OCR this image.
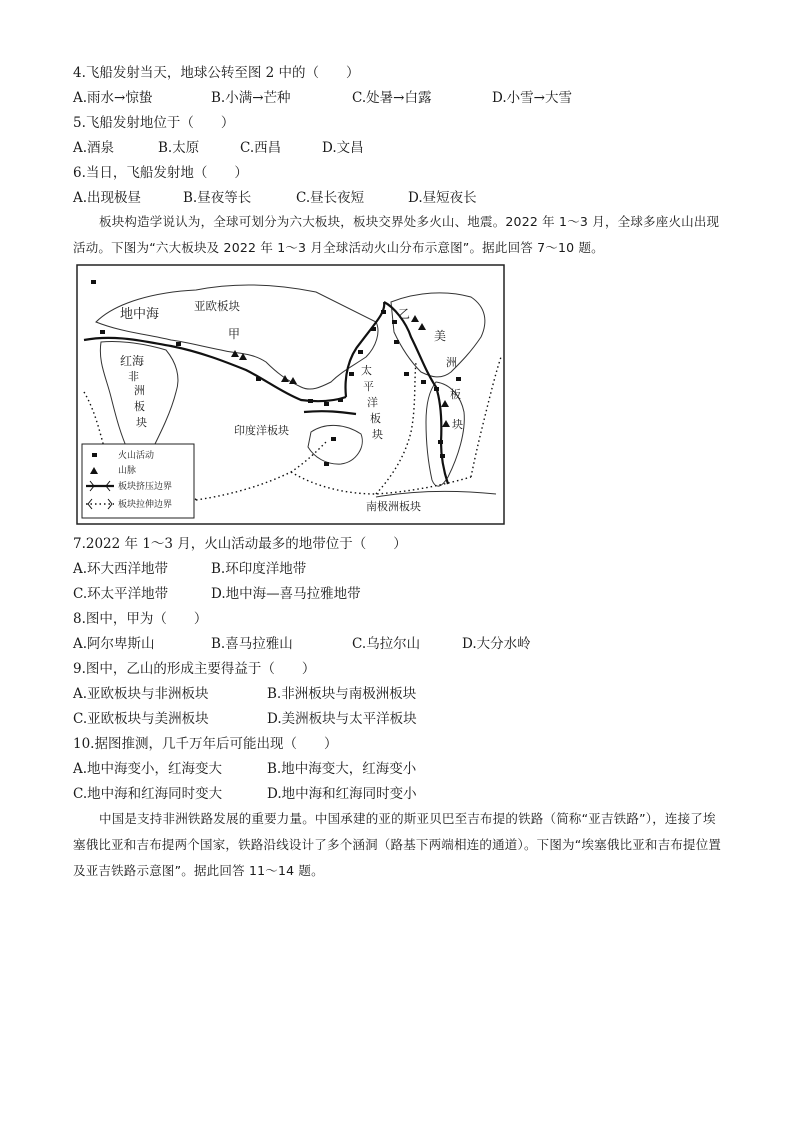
4.飞船发射当天，地球公转至图 2 中的（　　）
A.雨水→惊蛰	B.小满→芒种	C.处暑→白露	D.小雪→大雪
5.飞船发射地位于（　　）
A.酒泉	B.太原	C.西昌	D.文昌
6.当日，飞船发射地（　　）
A.出现极昼	B.昼夜等长	C.昼长夜短	D.昼短夜长
板块构造学说认为，全球可划分为六大板块，板块交界处多火山、地震。2022 年 1～3 月，全球多座火山出现活动。下图为“六大板块及 2022 年 1～3 月全球活动火山分布示意图”。据此回答 7～10 题。
地中海
亚欧板块
甲
乙
美
洲
板
块
红海
非
洲
板
块
太
平
洋
板
块
印度洋板块
南极洲板块
火山活动
山脉
板块挤压边界
板块拉伸边界
7.2022 年 1～3 月，火山活动最多的地带位于（　　）
A.环大西洋地带	B.环印度洋地带
C.环太平洋地带	D.地中海—喜马拉雅地带
8.图中，甲为（　　）
A.阿尔卑斯山	B.喜马拉雅山	C.乌拉尔山	D.大分水岭
9.图中，乙山的形成主要得益于（　　）
A.亚欧板块与非洲板块	B.非洲板块与南极洲板块
C.亚欧板块与美洲板块	D.美洲板块与太平洋板块
10.据图推测，几千万年后可能出现（　　）
A.地中海变小，红海变大	B.地中海变大，红海变小
C.地中海和红海同时变大	D.地中海和红海同时变小
中国是支持非洲铁路发展的重要力量。中国承建的亚的斯亚贝巴至吉布提的铁路（简称“亚吉铁路”），连接了埃塞俄比亚和吉布提两个国家，铁路沿线设计了多个涵洞（路基下两端相连的通道）。下图为“埃塞俄比亚和吉布提位置及亚吉铁路示意图”。据此回答 11～14 题。
